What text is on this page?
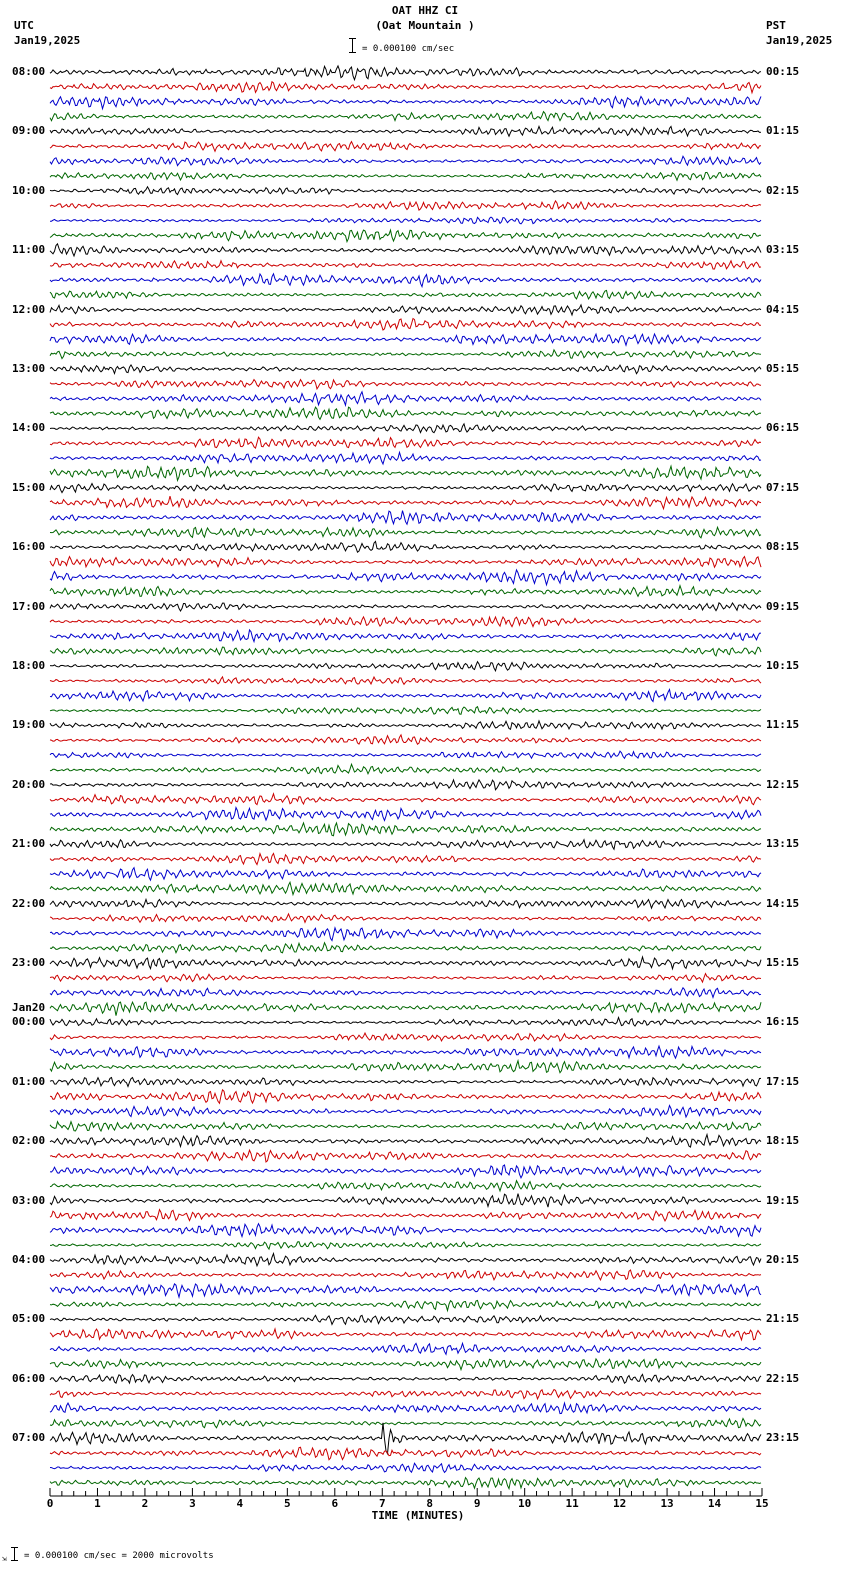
OAT HHZ CI
(Oat Mountain )
= 0.000100 cm/sec
UTC
Jan19,2025
PST
Jan19,2025
08:00
09:00
10:00
11:00
12:00
13:00
14:00
15:00
16:00
17:00
18:00
19:00
20:00
21:00
22:00
23:00
00:00
Jan20
01:00
02:00
03:00
04:00
05:00
06:00
07:00
00:15
01:15
02:15
03:15
04:15
05:15
06:15
07:15
08:15
09:15
10:15
11:15
12:15
13:15
14:15
15:15
16:15
17:15
18:15
19:15
20:15
21:15
22:15
23:15
0	1	2	3	4	5	6	7	8	9	10	11	12	13	14	15
TIME (MINUTES)
⇲ = 0.000100 cm/sec = 2000 microvolts
